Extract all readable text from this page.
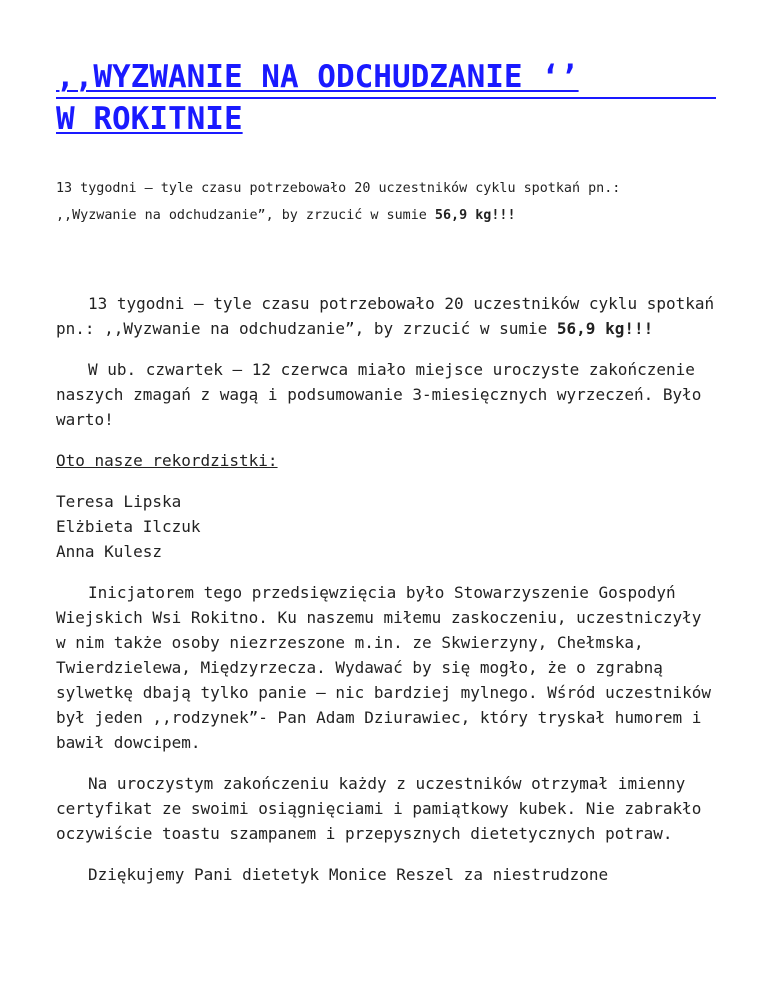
,,WYZWANIE NA ODCHUDZANIE ‘’
W ROKITNIE

13 tygodni – tyle czasu potrzebowało 20 uczestników cyklu spotkań pn.:

,,Wyzwanie na odchudzanie”, by zrzucić w sumie 56,9 kg!!!

13 tygodni – tyle czasu potrzebowało 20 uczestników cyklu spotkań pn.: ,,Wyzwanie na odchudzanie”, by zrzucić w sumie 56,9 kg!!!

W ub. czwartek – 12 czerwca miało miejsce uroczyste zakończenie naszych zmagań z wagą i podsumowanie 3-miesięcznych wyrzeczeń. Było warto!

Oto nasze rekordzistki:

Teresa Lipska
Elżbieta Ilczuk
Anna Kulesz

Inicjatorem tego przedsięwzięcia było Stowarzyszenie Gospodyń Wiejskich Wsi Rokitno. Ku naszemu miłemu zaskoczeniu, uczestniczyły w nim także osoby niezrzeszone m.in. ze Skwierzyny, Chełmska, Twierdzielewa, Międzyrzecza. Wydawać by się mogło, że o zgrabną sylwetkę dbają tylko panie – nic bardziej mylnego. Wśród uczestników był jeden ,,rodzynek”- Pan Adam Dziurawiec, który tryskał humorem i bawił dowcipem.

Na uroczystym zakończeniu każdy z uczestników otrzymał imienny certyfikat ze swoimi osiągnięciami i pamiątkowy kubek. Nie zabrakło oczywiście toastu szampanem i przepysznych dietetycznych potraw.

Dziękujemy Pani dietetyk Monice Reszel za niestrudzone
